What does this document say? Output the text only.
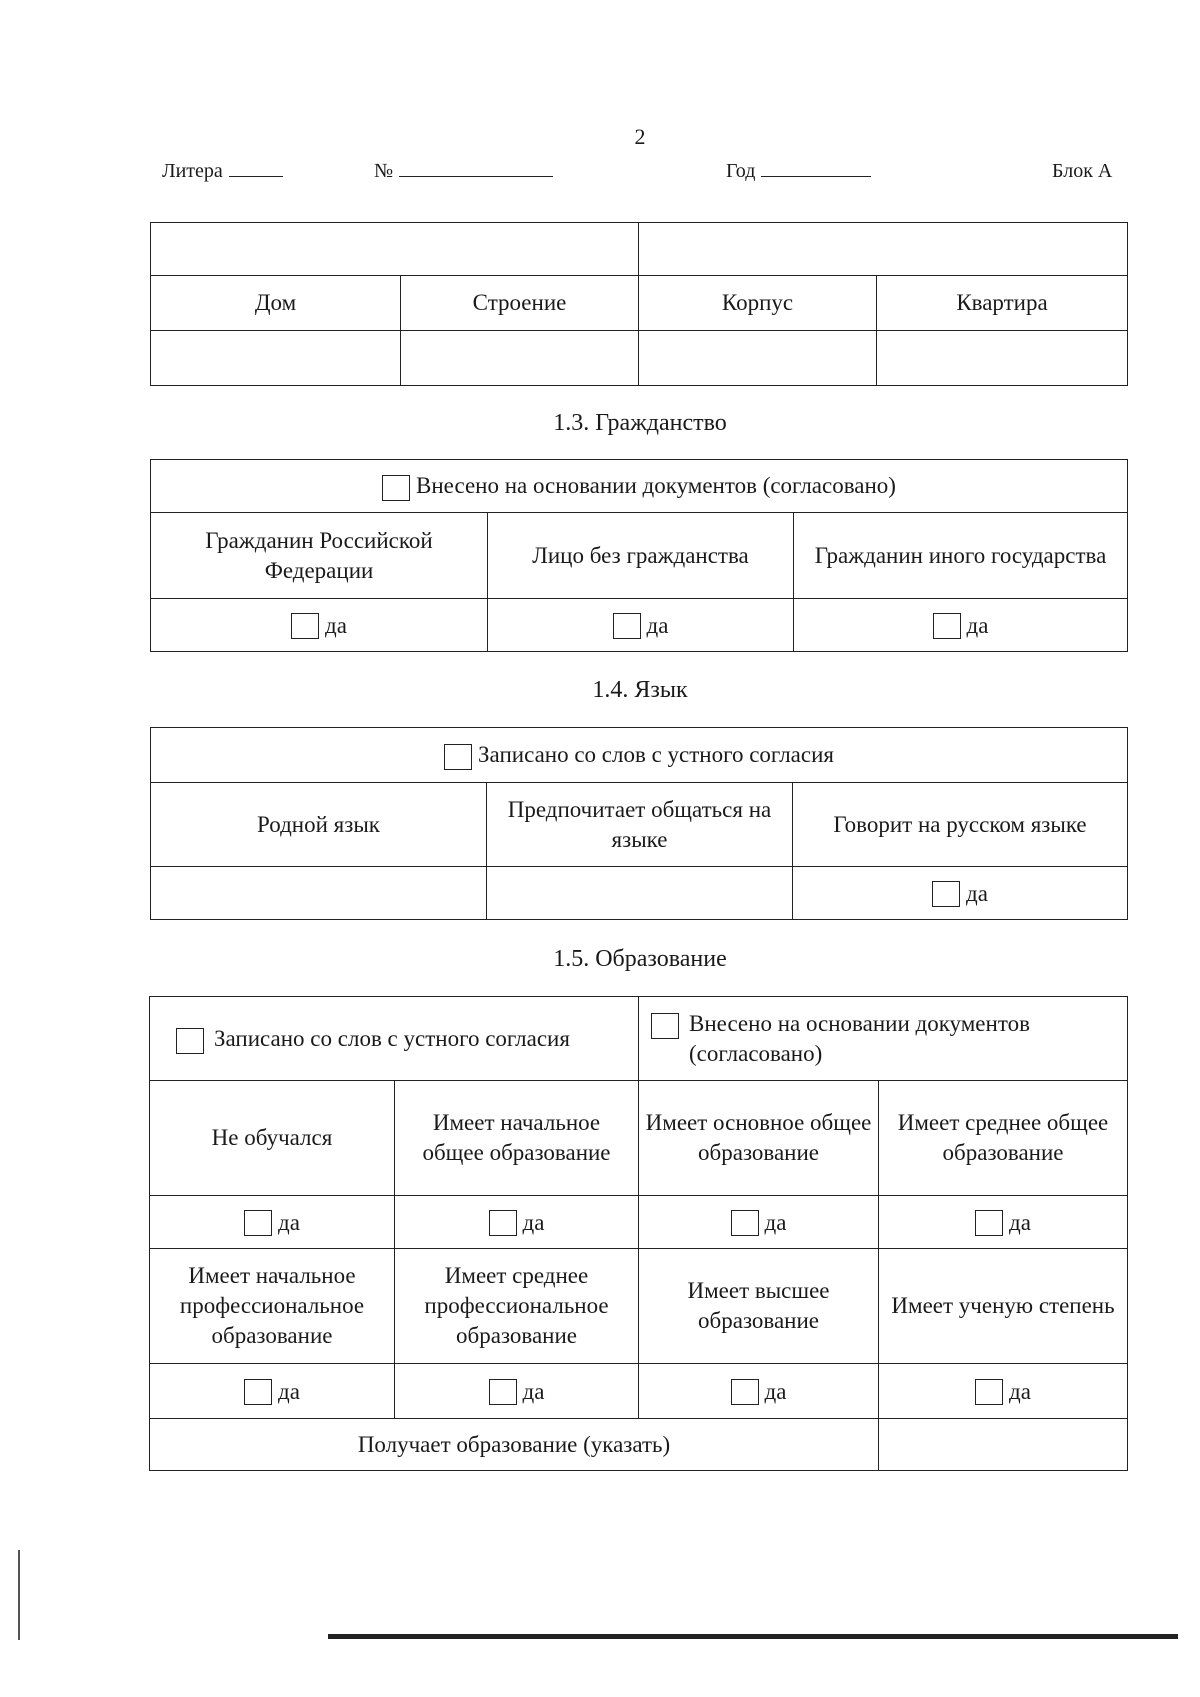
2
Литера	№	Год	Блок А

Дом	Строение	Корпус	Квартира

1.3. Гражданство
Внесено на основании документов (согласовано)		
Гражданин Российской Федерации	Лицо без гражданства	Гражданин иного государства
да	да	да
1.4. Язык
Записано со слов с устного согласия		
Родной язык	Предпочитает общаться на языке	Говорит на русском языке
		да
1.5. Образование
Записано со слов с устного согласия		Внесено на основании документов (согласовано)	

Не обучался	Имеет начальное общее образование	Имеет основное общее образование	Имеет среднее общее образование
да	да	да	да
Имеет начальное профессиональное образование	Имеет среднее профессиональное образование	Имеет высшее образование	Имеет ученую степень
да	да	да	да
Получает образование (указать)			
